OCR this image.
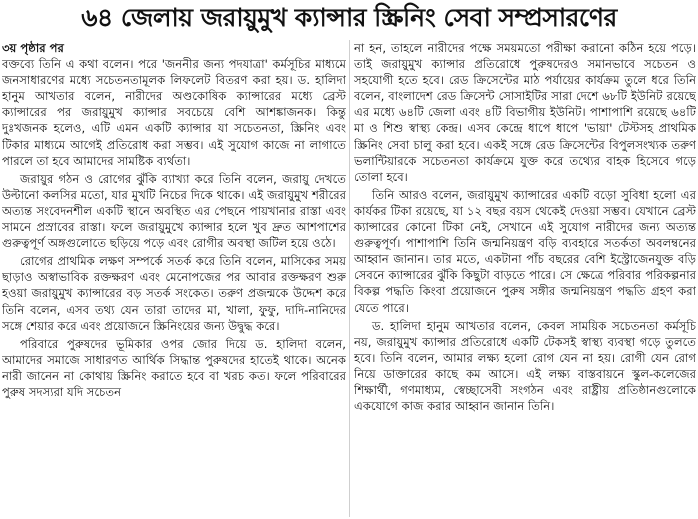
৬৪ জেলায় জরায়ুমুখ ক্যান্সার স্ক্রিনিং সেবা সম্প্রসারণের

৩য় পৃষ্ঠার পর

বক্তব্যে তিনি এ কথা বলেন। পরে 'জননীর জন্য পদযাত্রা' কর্মসূচির মাধ্যমে জনসাধারণের মধ্যে সচেতনতামূলক লিফলেট বিতরণ করা হয়। ড. হালিদা হানুম আখতার বলেন, নারীদের অণ্ডকোষিক ক্যান্সারের মধ্যে ব্রেস্ট ক্যান্সারের পর জরায়ুমুখ ক্যান্সার সবচেয়ে বেশি আশঙ্কাজনক। কিন্তু দুঃখজনক হলেও, এটি এমন একটি ক্যান্সার যা সচেতনতা, স্ক্রিনিং এবং টিকার মাধ্যমে আগেই প্রতিরোধ করা সম্ভব। এই সুযোগ কাজে না লাগাতে পারলে তা হবে আমাদের সামষ্টিক ব্যর্থতা।

জরায়ুর গঠন ও রোগের ঝুঁকি ব্যাখ্যা করে তিনি বলেন, জরায়ু দেখতে উল্টানো কলসির মতো, যার মুখটি নিচের দিকে থাকে। এই জরায়ুমুখ শরীরের অত্যন্ত সংবেদনশীল একটি স্থানে অবস্থিত এর পেছনে পায়খানার রাস্তা এবং সামনে প্রস্রাবের রাস্তা। ফলে জরায়ুমুখে ক্যান্সার হলে খুব দ্রুত আশপাশের গুরুত্বপূর্ণ অঙ্গগুলোতে ছড়িয়ে পড়ে এবং রোগীর অবস্থা জটিল হয়ে ওঠে।

রোগের প্রাথমিক লক্ষণ সম্পর্কে সতর্ক করে তিনি বলেন, মাসিকের সময় ছাড়াও অস্বাভাবিক রক্তক্ষরণ এবং মেনোপজের পর আবার রক্তক্ষরণ শুরু হওয়া জরায়ুমুখ ক্যান্সারের বড় সতর্ক সংকেত। তরুণ প্রজন্মকে উদ্দেশ করে তিনি বলেন, এসব তথ্য যেন তারা তাদের মা, খালা, ফুফু, দাদি-নানিদের সঙ্গে শেয়ার করে এবং প্রয়োজনে স্ক্রিনিংয়ের জন্য উদ্বুদ্ধ করে।

পরিবারে পুরুষদের ভূমিকার ওপর জোর দিয়ে ড. হালিদা বলেন, আমাদের সমাজে সাধারণত আর্থিক সিদ্ধান্ত পুরুষদের হাতেই থাকে। অনেক নারী জানেন না কোথায় স্ক্রিনিং করাতে হবে বা খরচ কত। ফলে পরিবারের পুরুষ সদস্যরা যদি সচেতন

না হন, তাহলে নারীদের পক্ষে সময়মতো পরীক্ষা করানো কঠিন হয়ে পড়ে। তাই জরায়ুমুখ ক্যান্সার প্রতিরোধে পুরুষদেরও সমানভাবে সচেতন ও সহযোগী হতে হবে। রেড ক্রিসেন্টের মাঠ পর্যায়ের কার্যক্রম তুলে ধরে তিনি বলেন, বাংলাদেশ রেড ক্রিসেন্ট সোসাইটির সারা দেশে ৬৮টি ইউনিট রয়েছে এর মধ্যে ৬৪টি জেলা এবং ৪টি বিভাগীয় ইউনিট। পাশাপাশি রয়েছে ৬৪টি মা ও শিশু স্বাস্থ্য কেন্দ্র। এসব কেন্দ্রে ধাপে ধাপে 'ভায়া' টেস্টসহ প্রাথমিক স্ক্রিনিং সেবা চালু করা হবে। একই সঙ্গে রেড ক্রিসেন্টের বিপুলসংখ্যক তরুণ ভলান্টিয়ারকে সচেতনতা কার্যক্রমে যুক্ত করে তথ্যের বাহক হিসেবে গড়ে তোলা হবে।

তিনি আরও বলেন, জরায়ুমুখ ক্যান্সারের একটি বড়ো সুবিধা হলো এর কার্যকর টিকা রয়েছে, যা ১২ বছর বয়স থেকেই দেওয়া সম্ভব। যেখানে ব্রেস্ট ক্যান্সারের কোনো টিকা নেই, সেখানে এই সুযোগ নারীদের জন্য অত্যন্ত গুরুত্বপূর্ণ। পাশাপাশি তিনি জন্মনিয়ন্ত্রণ বড়ি ব্যবহারে সতর্কতা অবলম্বনের আহ্বান জানান। তার মতে, একটানা পাঁচ বছরের বেশি ইস্ট্রোজেনযুক্ত বড়ি সেবনে ক্যান্সারের ঝুঁকি কিছুটা বাড়তে পারে। সে ক্ষেত্রে পরিবার পরিকল্পনার বিকল্প পদ্ধতি কিংবা প্রয়োজনে পুরুষ সঙ্গীর জন্মনিয়ন্ত্রণ পদ্ধতি গ্রহণ করা যেতে পারে।

ড. হালিদা হানুম আখতার বলেন, কেবল সাময়িক সচেতনতা কর্মসূচি নয়, জরায়ুমুখ ক্যান্সার প্রতিরোধে একটি টেকসই স্বাস্থ্য ব্যবস্থা গড়ে তুলতে হবে। তিনি বলেন, আমার লক্ষ্য হলো রোগ যেন না হয়। রোগী যেন রোগ নিয়ে ডাক্তারের কাছে কম আসে। এই লক্ষ্য বাস্তবায়নে স্কুল-কলেজের শিক্ষার্থী, গণমাধ্যম, স্বেচ্ছাসেবী সংগঠন এবং রাষ্ট্রীয় প্রতিষ্ঠানগুলোকে একযোগে কাজ করার আহ্বান জানান তিনি।
